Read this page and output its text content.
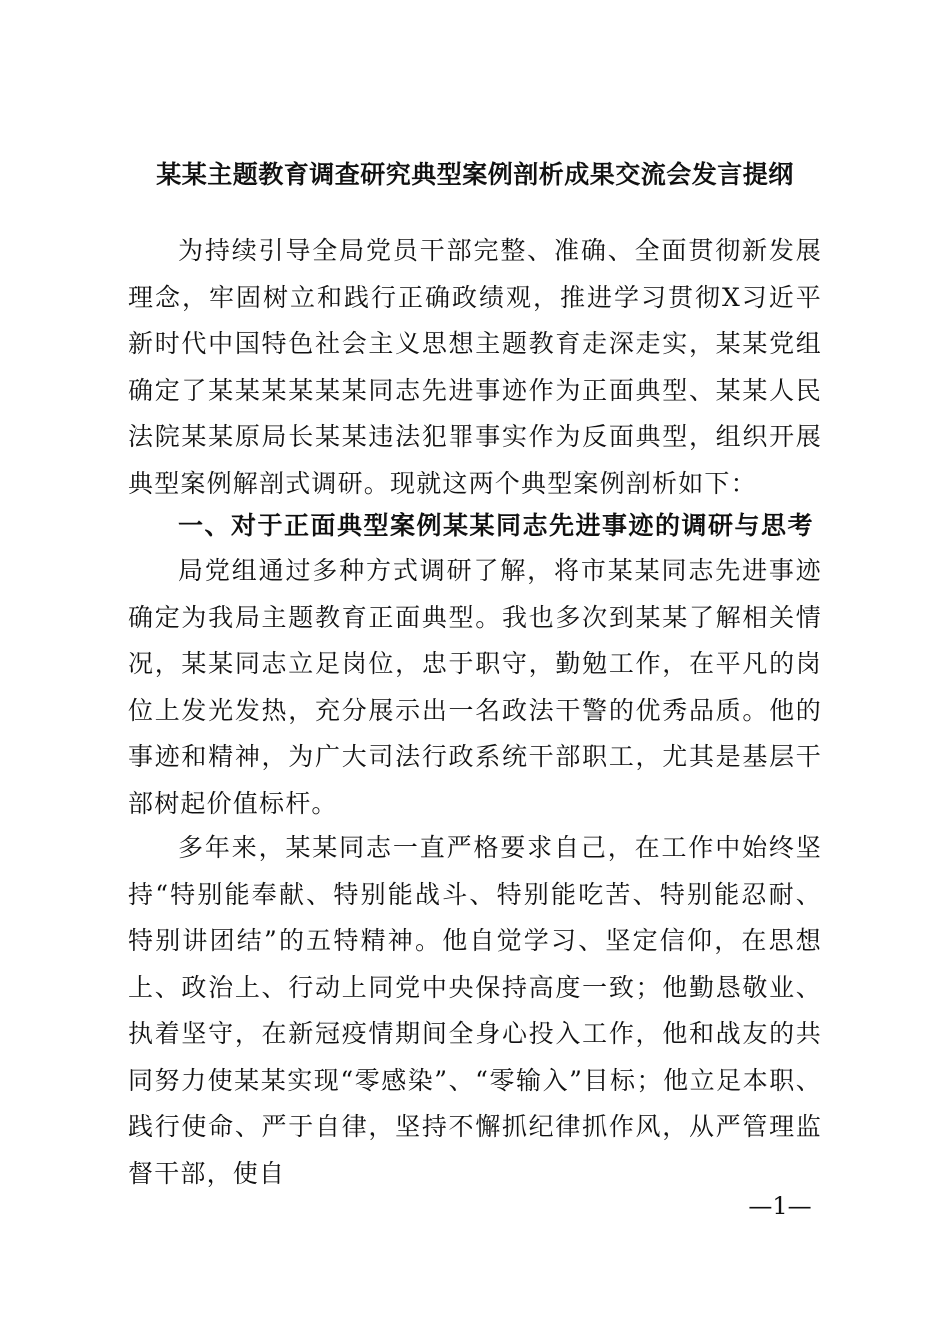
某某主题教育调查研究典型案例剖析成果交流会发言提纲
为持续引导全局党员干部完整、准确、全面贯彻新发展理念，牢固树立和践行正确政绩观，推进学习贯彻X习近平新时代中国特色社会主义思想主题教育走深走实，某某党组确定了某某某某某某同志先进事迹作为正面典型、某某人民法院某某原局长某某违法犯罪事实作为反面典型，组织开展典型案例解剖式调研。现就这两个典型案例剖析如下：
一、对于正面典型案例某某同志先进事迹的调研与思考
局党组通过多种方式调研了解，将市某某同志先进事迹确定为我局主题教育正面典型。我也多次到某某了解相关情况，某某同志立足岗位，忠于职守，勤勉工作，在平凡的岗位上发光发热，充分展示出一名政法干警的优秀品质。他的事迹和精神，为广大司法行政系统干部职工，尤其是基层干部树起价值标杆。
多年来，某某同志一直严格要求自己，在工作中始终坚持“特别能奉献、特别能战斗、特别能吃苦、特别能忍耐、特别讲团结”的五特精神。他自觉学习、坚定信仰，在思想上、政治上、行动上同党中央保持高度一致；他勤恳敬业、执着坚守，在新冠疫情期间全身心投入工作，他和战友的共同努力使某某实现“零感染”、“零输入”目标；他立足本职、践行使命、严于自律，坚持不懈抓纪律抓作风，从严管理监督干部，使自
—1—
